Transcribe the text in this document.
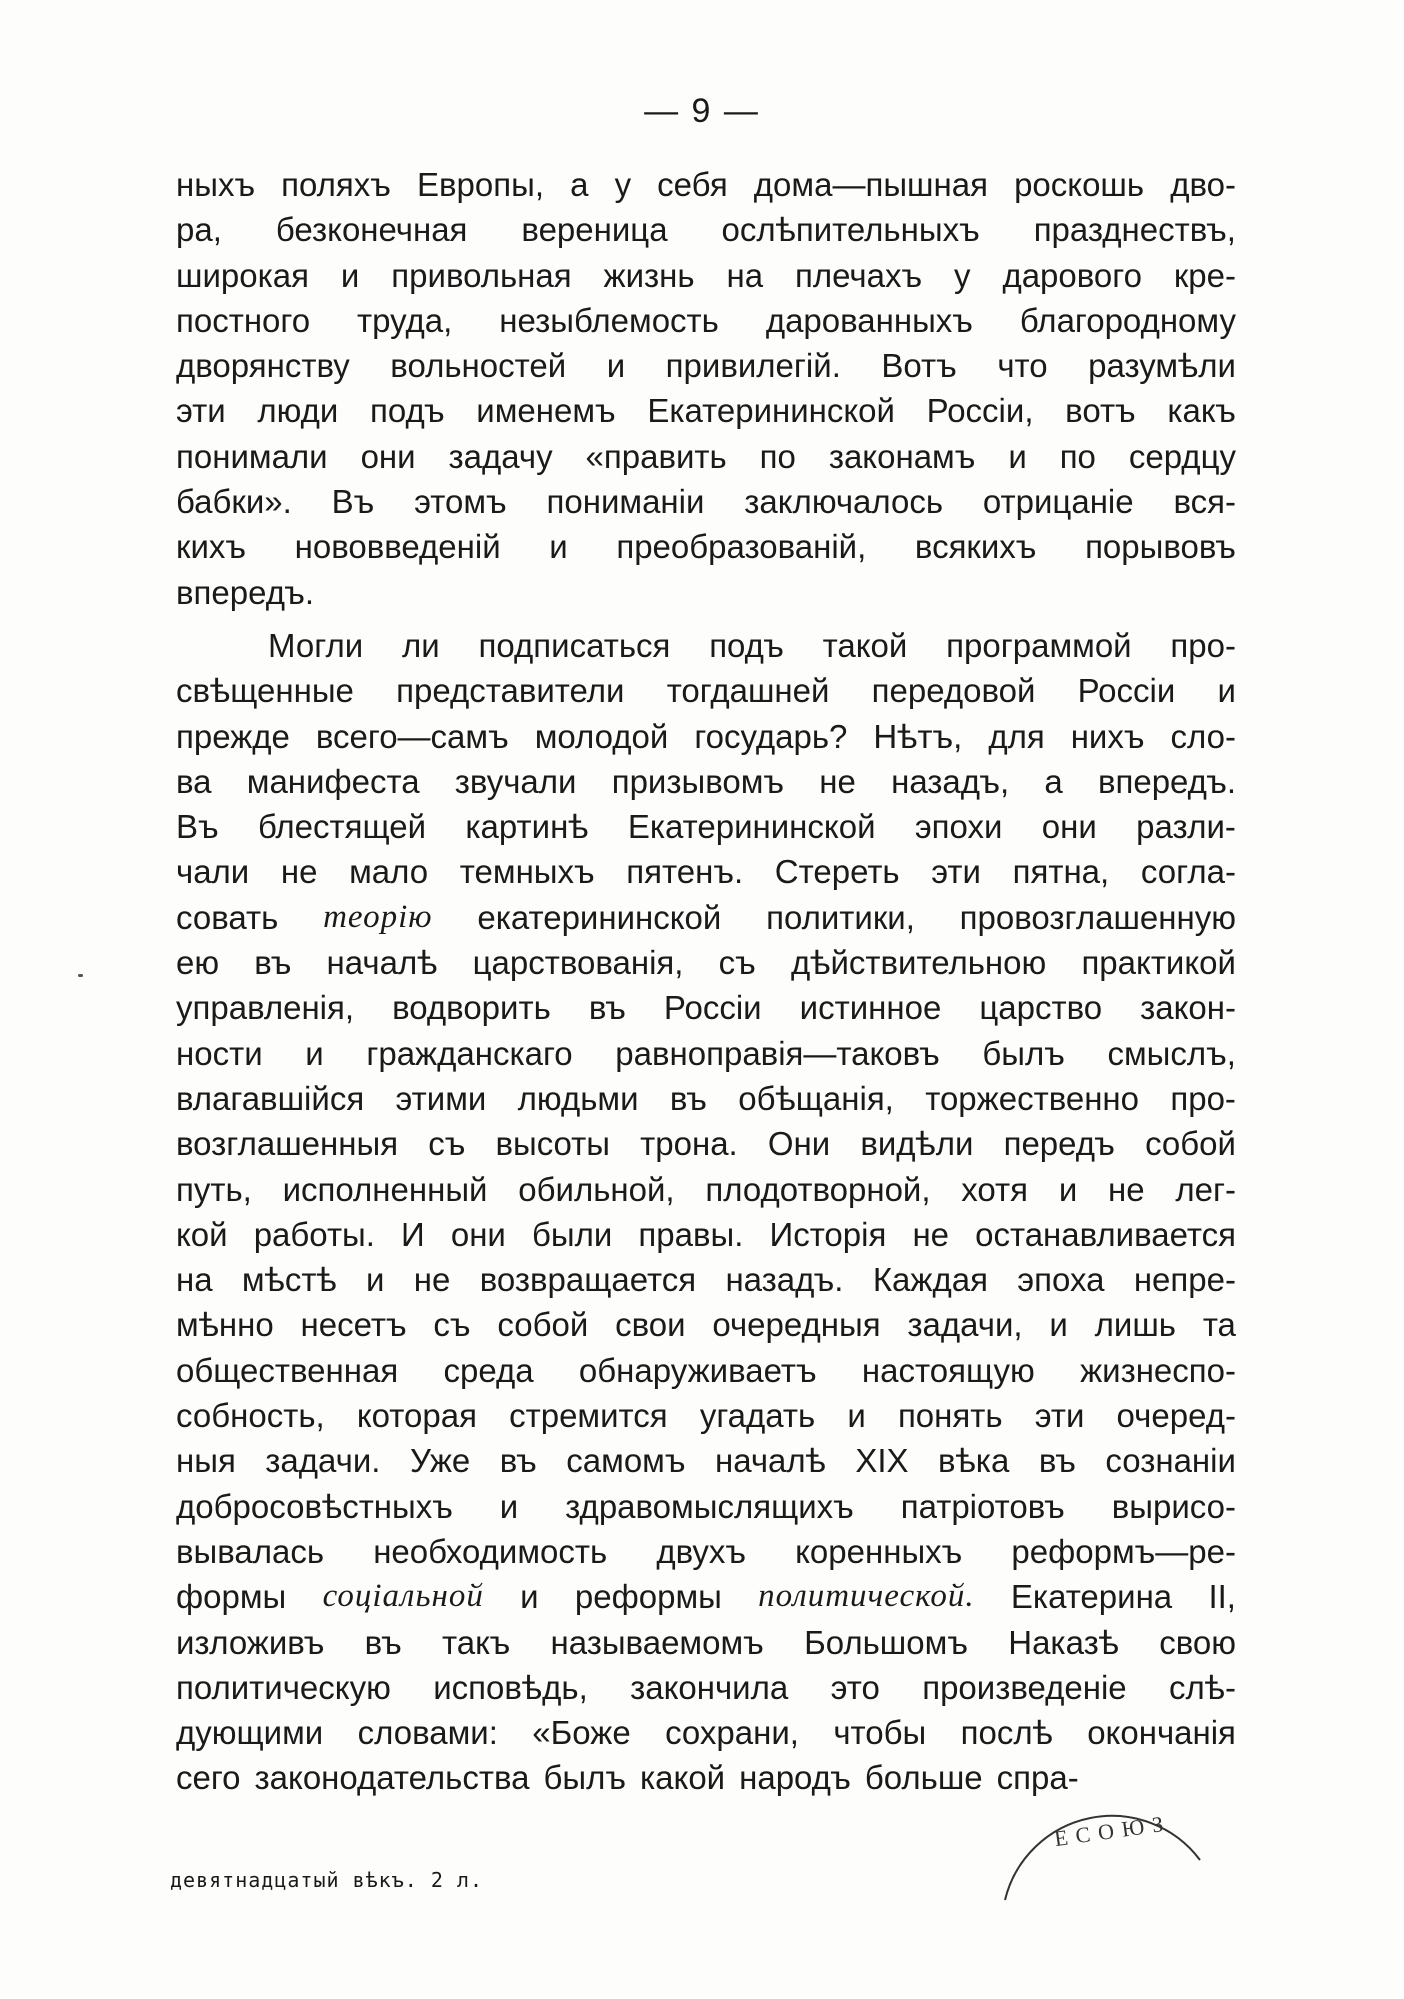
— 9 —
ныхъ поляхъ Европы, а у себя дома—пышная роскошь дво-
ра, безконечная вереница ослѣпительныхъ празднествъ,
широкая и привольная жизнь на плечахъ у дарового кре-
постного труда, незыблемость дарованныхъ благородному
дворянству вольностей и привилегій. Вотъ что разумѣли
эти люди подъ именемъ Екатерининской Россіи, вотъ какъ
понимали они задачу «править по законамъ и по сердцу
бабки». Въ этомъ пониманіи заключалось отрицаніе вся-
кихъ нововведеній и преобразованій, всякихъ порывовъ
впередъ.
Могли ли подписаться подъ такой программой про-
свѣщенные представители тогдашней передовой Россіи и
прежде всего—самъ молодой государь? Нѣтъ, для нихъ сло-
ва манифеста звучали призывомъ не назадъ, а впередъ.
Въ блестящей картинѣ Екатерининской эпохи они разли-
чали не мало темныхъ пятенъ. Стереть эти пятна, согла-
совать теорію екатерининской политики, провозглашенную
ею въ началѣ царствованія, съ дѣйствительною практикой
управленія, водворить въ Россіи истинное царство закон-
ности и гражданскаго равноправія—таковъ былъ смыслъ,
влагавшійся этими людьми въ обѣщанія, торжественно про-
возглашенныя съ высоты трона. Они видѣли передъ собой
путь, исполненный обильной, плодотворной, хотя и не лег-
кой работы. И они были правы. Исторія не останавливается
на мѣстѣ и не возвращается назадъ. Каждая эпоха непре-
мѣнно несетъ съ собой свои очередныя задачи, и лишь та
общественная среда обнаруживаетъ настоящую жизнеспо-
собность, которая стремится угадать и понять эти очеред-
ныя задачи. Уже въ самомъ началѣ XIX вѣка въ сознаніи
добросовѣстныхъ и здравомыслящихъ патріотовъ вырисо-
вывалась необходимость двухъ коренныхъ реформъ—ре-
формы соціальной и реформы политической. Екатерина II,
изложивъ въ такъ называемомъ Большомъ Наказѣ свою
политическую исповѣдь, закончила это произведеніе слѣ-
дующими словами: «Боже сохрани, чтобы послѣ окончанія
сего законодательства былъ какой народъ больше спра-
девятнадцатый вѣкъ. 2 л.
ЕСОЮЗ
